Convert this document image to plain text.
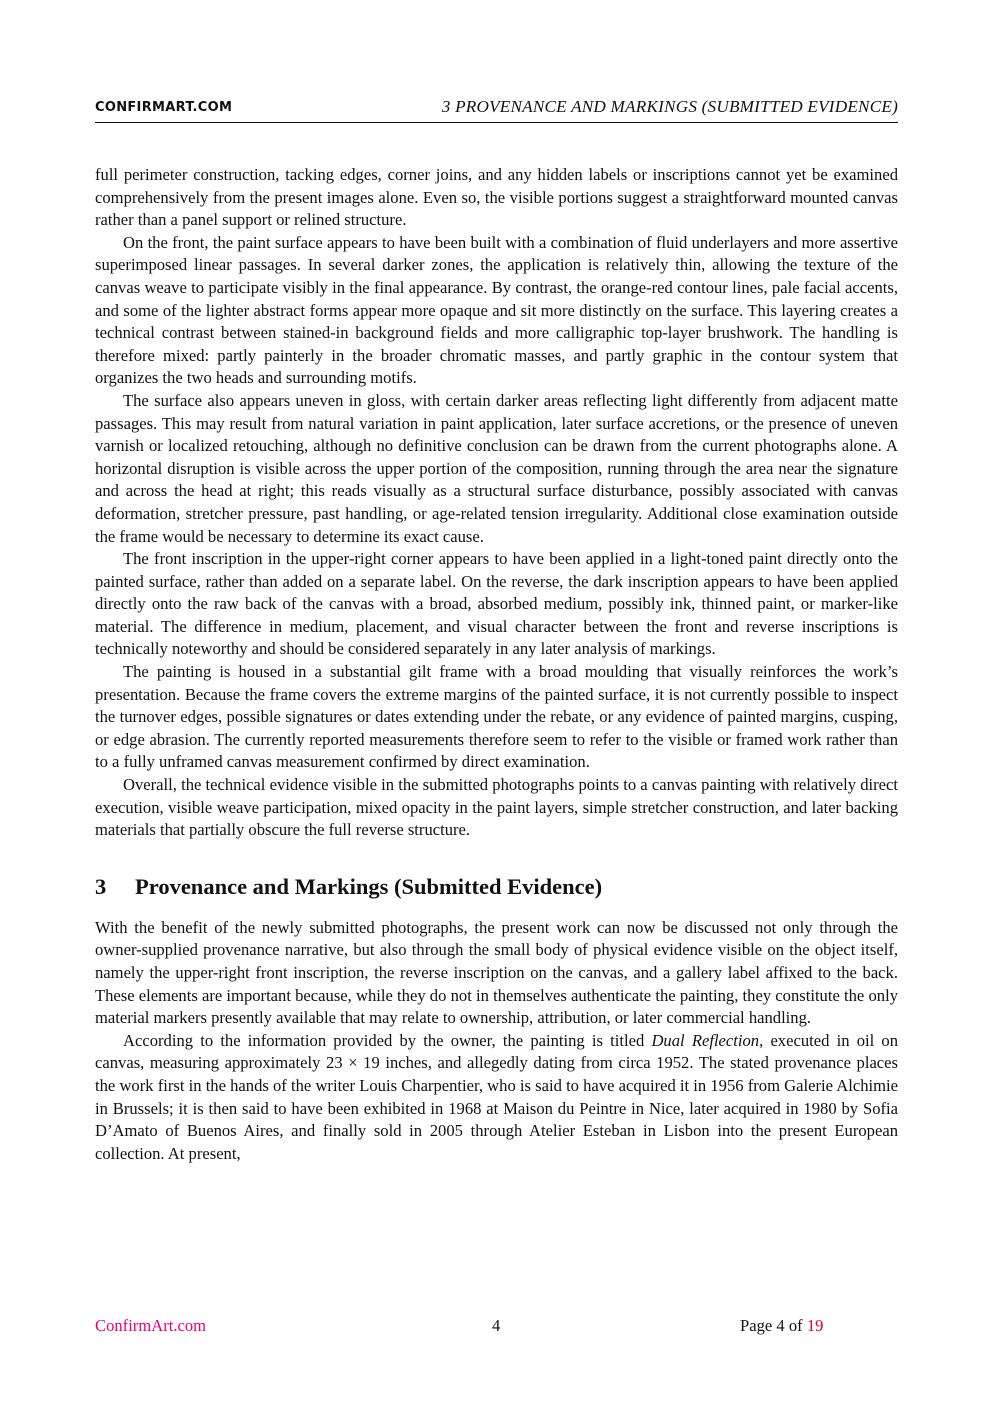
CONFIRMART.COM	3 PROVENANCE AND MARKINGS (SUBMITTED EVIDENCE)

full perimeter construction, tacking edges, corner joins, and any hidden labels or inscriptions cannot yet be examined comprehensively from the present images alone. Even so, the visible portions suggest a straightforward mounted canvas rather than a panel support or relined structure.

On the front, the paint surface appears to have been built with a combination of fluid underlayers and more assertive superimposed linear passages. In several darker zones, the application is relatively thin, allowing the texture of the canvas weave to participate visibly in the final appearance. By contrast, the orange-red contour lines, pale facial accents, and some of the lighter abstract forms appear more opaque and sit more distinctly on the surface. This layering creates a technical contrast between stained-in background fields and more calligraphic top-layer brushwork. The handling is therefore mixed: partly painterly in the broader chromatic masses, and partly graphic in the contour system that organizes the two heads and surrounding motifs.

The surface also appears uneven in gloss, with certain darker areas reflecting light differently from adjacent matte passages. This may result from natural variation in paint application, later surface accretions, or the presence of uneven varnish or localized retouching, although no definitive conclusion can be drawn from the current photographs alone. A horizontal disruption is visible across the upper portion of the composition, running through the area near the signature and across the head at right; this reads visually as a structural surface disturbance, possibly associated with canvas deformation, stretcher pressure, past handling, or age-related tension irregularity. Additional close examination outside the frame would be necessary to determine its exact cause.

The front inscription in the upper-right corner appears to have been applied in a light-toned paint directly onto the painted surface, rather than added on a separate label. On the reverse, the dark inscription appears to have been applied directly onto the raw back of the canvas with a broad, absorbed medium, possibly ink, thinned paint, or marker-like material. The difference in medium, placement, and visual character between the front and reverse inscriptions is technically noteworthy and should be considered separately in any later analysis of markings.

The painting is housed in a substantial gilt frame with a broad moulding that visually reinforces the work’s presentation. Because the frame covers the extreme margins of the painted surface, it is not currently possible to inspect the turnover edges, possible signatures or dates extending under the rebate, or any evidence of painted margins, cusping, or edge abrasion. The currently reported measurements therefore seem to refer to the visible or framed work rather than to a fully unframed canvas measurement confirmed by direct examination.

Overall, the technical evidence visible in the submitted photographs points to a canvas painting with relatively direct execution, visible weave participation, mixed opacity in the paint layers, simple stretcher construction, and later backing materials that partially obscure the full reverse structure.

3 Provenance and Markings (Submitted Evidence)

With the benefit of the newly submitted photographs, the present work can now be discussed not only through the owner-supplied provenance narrative, but also through the small body of physical evidence visible on the object itself, namely the upper-right front inscription, the reverse inscription on the canvas, and a gallery label affixed to the back. These elements are important because, while they do not in themselves authenticate the painting, they constitute the only material markers presently available that may relate to ownership, attribution, or later commercial handling.

According to the information provided by the owner, the painting is titled Dual Reflection, executed in oil on canvas, measuring approximately 23 × 19 inches, and allegedly dating from circa 1952. The stated provenance places the work first in the hands of the writer Louis Charpentier, who is said to have acquired it in 1956 from Galerie Alchimie in Brussels; it is then said to have been exhibited in 1968 at Maison du Peintre in Nice, later acquired in 1980 by Sofia D’Amato of Buenos Aires, and finally sold in 2005 through Atelier Esteban in Lisbon into the present European collection. At present,

ConfirmArt.com	4	Page 4 of 19
